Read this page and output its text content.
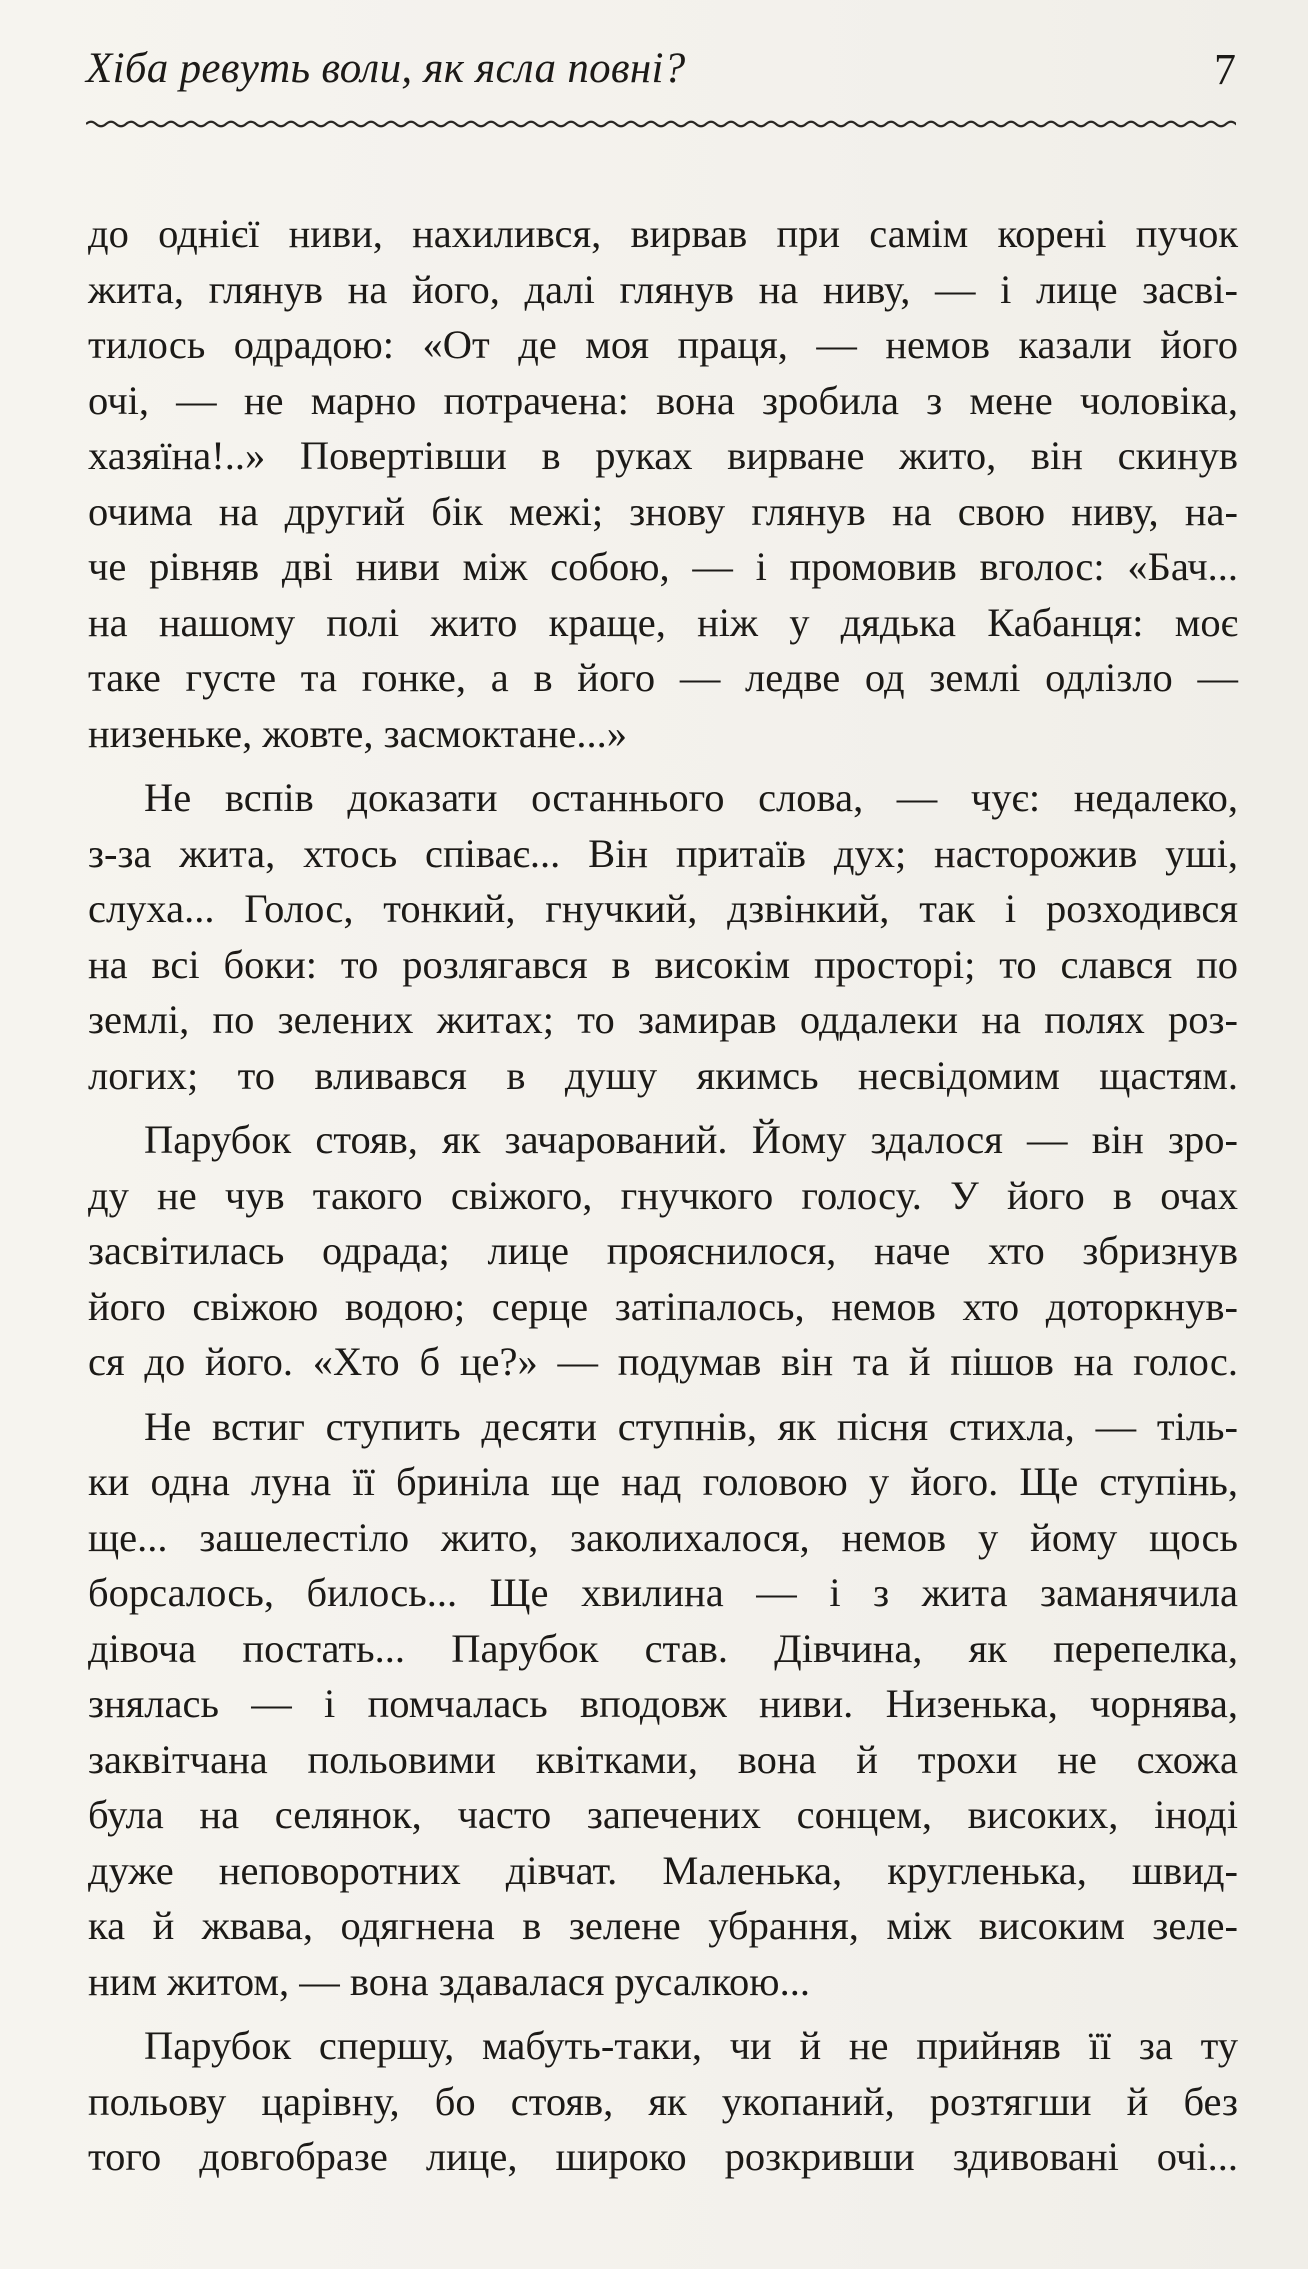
Хіба ревуть воли, як ясла повні?	7
до однієї ниви, нахилився, вирвав при самім корені пучок
жита, глянув на його, далі глянув на ниву, — і лице засві-
тилось одрадою: «От де моя праця, — немов казали його
очі, — не марно потрачена: вона зробила з мене чоловіка,
хазяїна!..» Повертівши в руках вирване жито, він скинув
очима на другий бік межі; знову глянув на свою ниву, на-
че рівняв дві ниви між собою, — і промовив вголос: «Бач...
на нашому полі жито краще, ніж у дядька Кабанця: моє
таке густе та гонке, а в його — ледве од землі одлізло —
низеньке, жовте, засмоктане...»
Не вспів доказати останнього слова, — чує: недалеко,
з-за жита, хтось співає... Він притаїв дух; насторожив уші,
слуха... Голос, тонкий, гнучкий, дзвінкий, так і розходився
на всі боки: то розлягався в високім просторі; то слався по
землі, по зелених житах; то замирав оддалеки на полях роз-
логих; то вливався в душу якимсь несвідомим щастям.
Парубок стояв, як зачарований. Йому здалося — він зро-
ду не чув такого свіжого, гнучкого голосу. У його в очах
засвітилась одрада; лице прояснилося, наче хто збризнув
його свіжою водою; серце затіпалось, немов хто доторкнув-
ся до його. «Хто б це?» — подумав він та й пішов на голос.
Не встиг ступить десяти ступнів, як пісня стихла, — тіль-
ки одна луна її бриніла ще над головою у його. Ще ступінь,
ще... зашелестіло жито, заколихалося, немов у йому щось
борсалось, билось... Ще хвилина — і з жита заманячила
дівоча постать... Парубок став. Дівчина, як перепелка,
знялась — і помчалась вподовж ниви. Низенька, чорнява,
заквітчана польовими квітками, вона й трохи не схожа
була на селянок, часто запечених сонцем, високих, іноді
дуже неповоротних дівчат. Маленька, кругленька, швид-
ка й жвава, одягнена в зелене убрання, між високим зеле-
ним житом, — вона здавалася русалкою...
Парубок спершу, мабуть-таки, чи й не прийняв її за ту
польову царівну, бо стояв, як укопаний, розтягши й без
того довгобразе лице, широко розкривши здивовані очі...
